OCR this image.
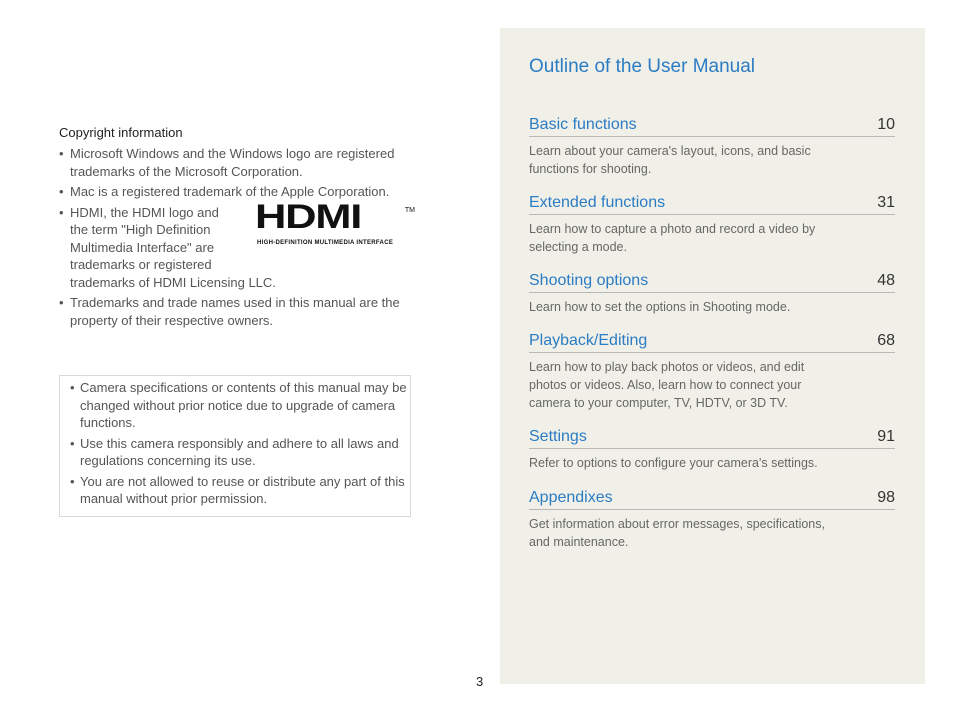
Copyright information
• Microsoft Windows and the Windows logo are registered trademarks of the Microsoft Corporation.
• Mac is a registered trademark of the Apple Corporation.
• HDMI, the HDMI logo and
the term "High Definition
Multimedia Interface" are
trademarks or registered
HDMI	TM
HIGH-DEFINITION MULTIMEDIA INTERFACE
trademarks of HDMI Licensing LLC.
• Trademarks and trade names used in this manual are the property of their respective owners.
• Camera specifications or contents of this manual may be changed without prior notice due to upgrade of camera functions.
• Use this camera responsibly and adhere to all laws and regulations concerning its use.
• You are not allowed to reuse or distribute any part of this manual without prior permission.
3
Outline of the User Manual
Basic functions	10
Learn about your camera's layout, icons, and basic functions for shooting.
Extended functions	31
Learn how to capture a photo and record a video by selecting a mode.
Shooting options	48
Learn how to set the options in Shooting mode.
Playback/Editing	68
Learn how to play back photos or videos, and edit photos or videos. Also, learn how to connect your camera to your computer, TV, HDTV, or 3D TV.
Settings	91
Refer to options to configure your camera's settings.
Appendixes	98
Get information about error messages, specifications, and maintenance.
